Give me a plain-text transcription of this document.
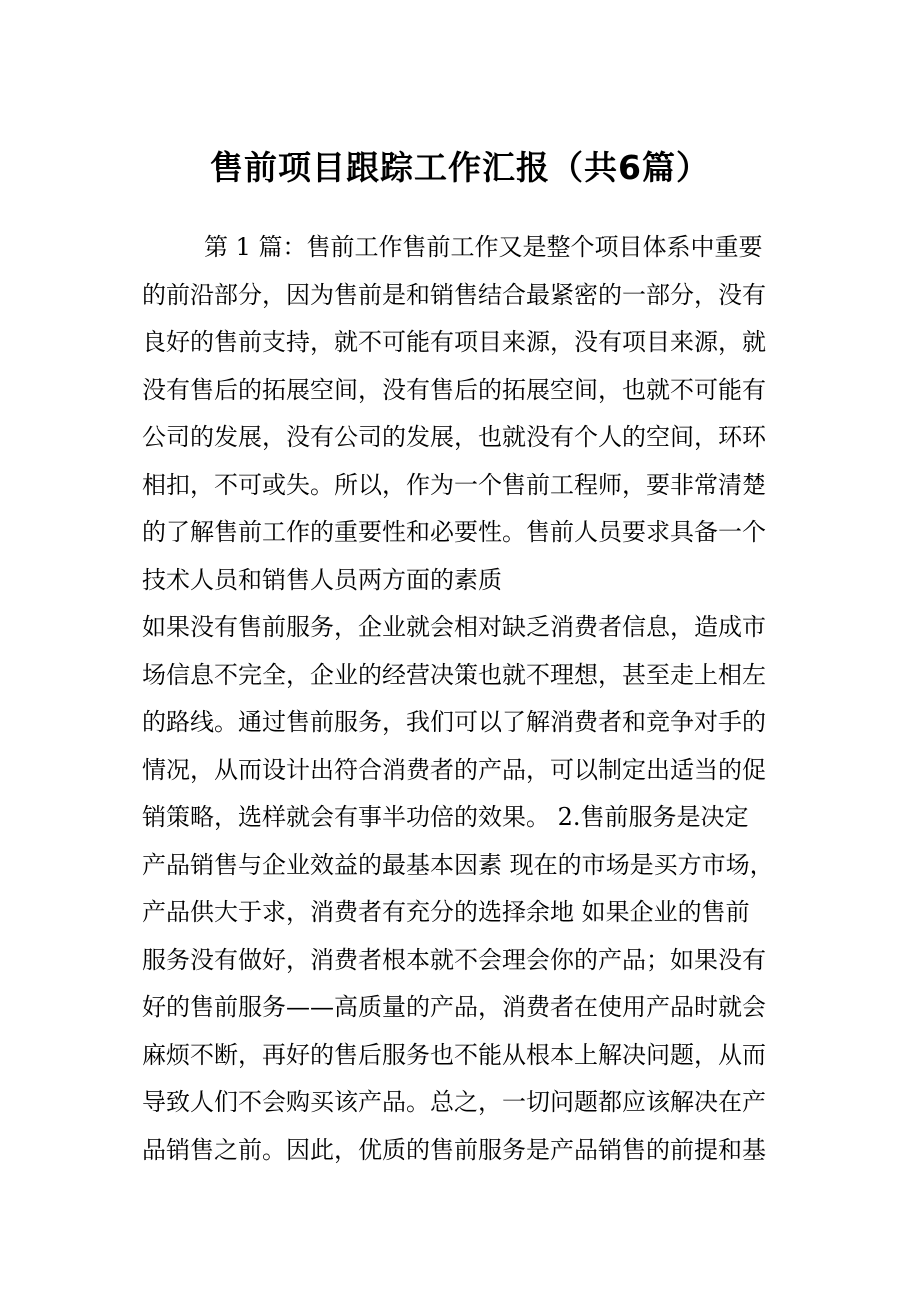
售前项目跟踪工作汇报（共6篇）
第 1 篇：售前工作售前工作又是整个项目体系中重要
的前沿部分，因为售前是和销售结合最紧密的一部分，没有
良好的售前支持，就不可能有项目来源，没有项目来源，就
没有售后的拓展空间，没有售后的拓展空间，也就不可能有
公司的发展，没有公司的发展，也就没有个人的空间，环环
相扣，不可或失。所以，作为一个售前工程师，要非常清楚
的了解售前工作的重要性和必要性。售前人员要求具备一个
技术人员和销售人员两方面的素质
如果没有售前服务，企业就会相对缺乏消费者信息，造成市
场信息不完全，企业的经营决策也就不理想，甚至走上相左
的路线。通过售前服务，我们可以了解消费者和竞争对手的
情况，从而设计出符合消费者的产品，可以制定出适当的促
销策略，选样就会有事半功倍的效果。 2.售前服务是决定
产品销售与企业效益的最基本因素 现在的市场是买方市场，
产品供大于求，消费者有充分的选择余地 如果企业的售前
服务没有做好，消费者根本就不会理会你的产品；如果没有
好的售前服务——高质量的产品，消费者在使用产品时就会
麻烦不断，再好的售后服务也不能从根本上解决问题，从而
导致人们不会购买该产品。总之，一切问题都应该解决在产
品销售之前。因此，优质的售前服务是产品销售的前提和基
